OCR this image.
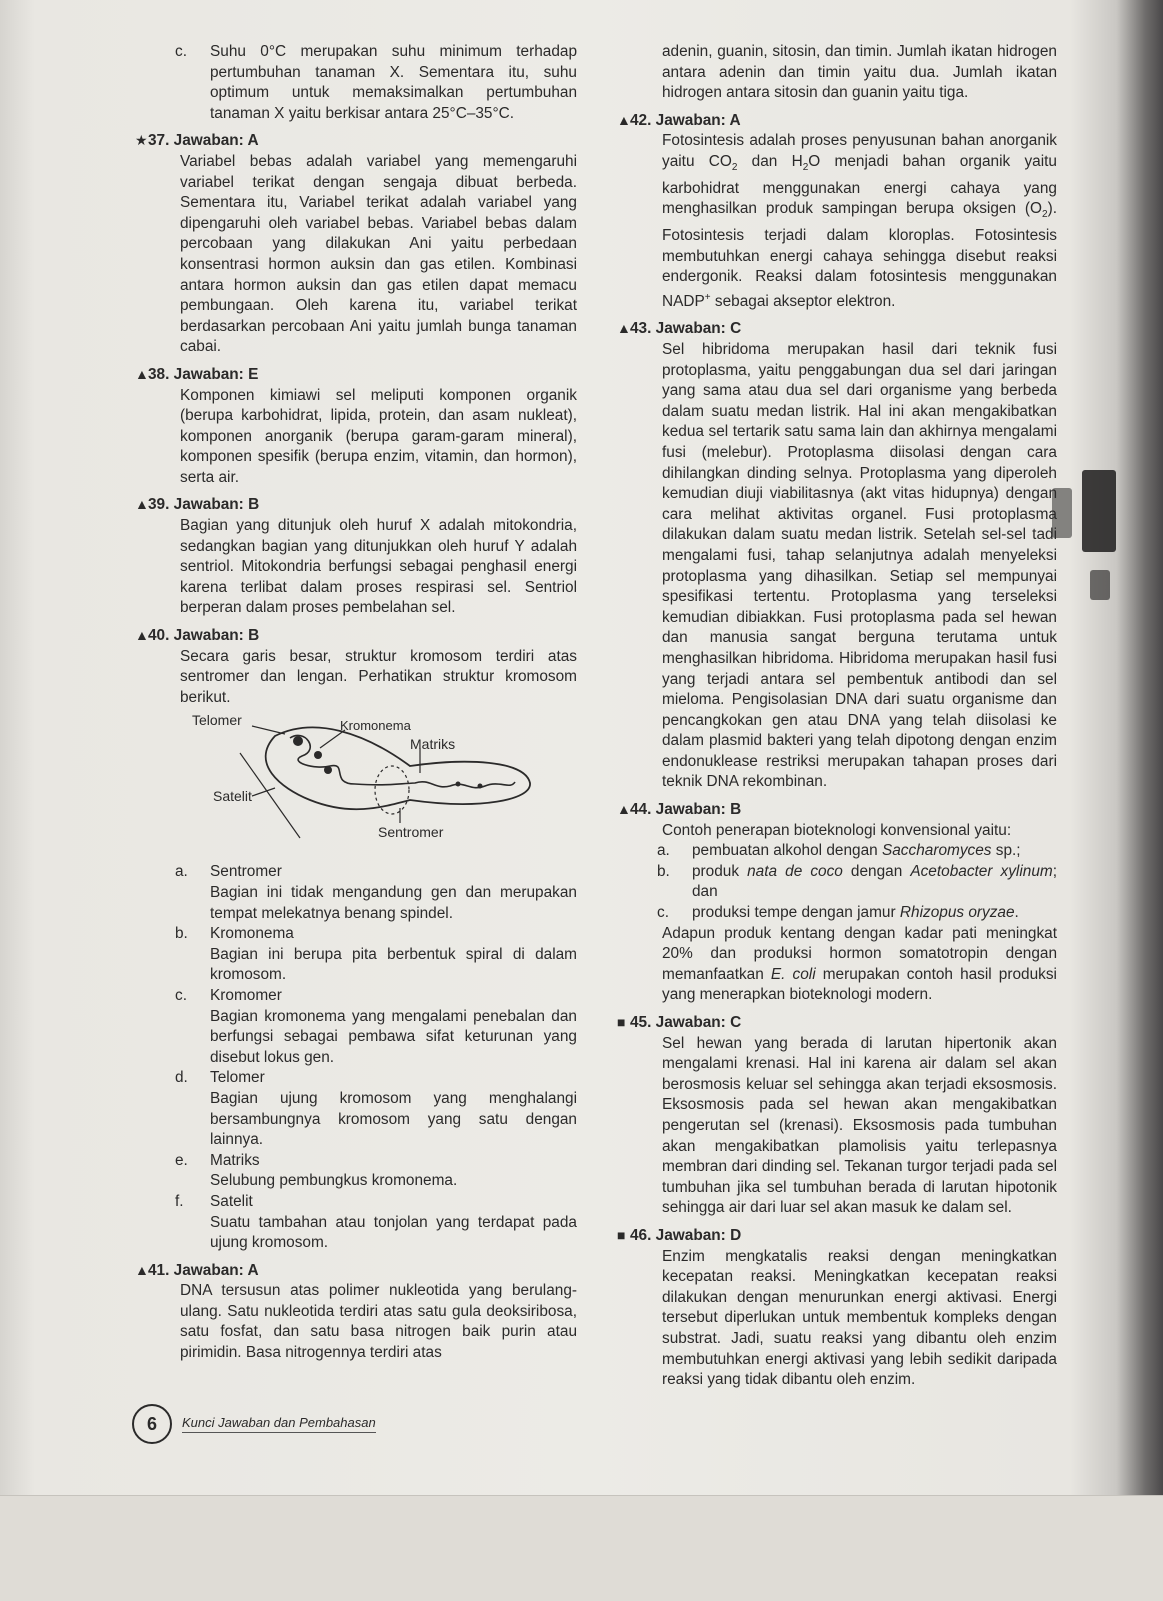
c.	Suhu 0°C merupakan suhu minimum terhadap pertumbuhan tanaman X. Sementara itu, suhu optimum untuk memaksimalkan pertumbuhan tanaman X yaitu berkisar antara 25°C–35°C.
★ 37. Jawaban: A

Variabel bebas adalah variabel yang memengaruhi variabel terikat dengan sengaja dibuat berbeda. Sementara itu, Variabel terikat adalah variabel yang dipengaruhi oleh variabel bebas. Variabel bebas dalam percobaan yang dilakukan Ani yaitu perbedaan konsentrasi hormon auksin dan gas etilen. Kombinasi antara hormon auksin dan gas etilen dapat memacu pembungaan. Oleh karena itu, variabel terikat berdasarkan percobaan Ani yaitu jumlah bunga tanaman cabai.

▲ 38. Jawaban: E

Komponen kimiawi sel meliputi komponen organik (berupa karbohidrat, lipida, protein, dan asam nukleat), komponen anorganik (berupa garam-garam mineral), komponen spesifik (berupa enzim, vitamin, dan hormon), serta air.

▲ 39. Jawaban: B

Bagian yang ditunjuk oleh huruf X adalah mitokondria, sedangkan bagian yang ditunjukkan oleh huruf Y adalah sentriol. Mitokondria berfungsi sebagai penghasil energi karena terlibat dalam proses respirasi sel. Sentriol berperan dalam proses pembelahan sel.

▲ 40. Jawaban: B

Secara garis besar, struktur kromosom terdiri atas sentromer dan lengan. Perhatikan struktur kromosom berikut.

Telomer	Kromonema
Matriks
Satelit
Sentromer
a.	Sentromer
Bagian ini tidak mengandung gen dan merupakan tempat melekatnya benang spindel.
b.	Kromonema
Bagian ini berupa pita berbentuk spiral di dalam kromosom.
c.	Kromomer
Bagian kromonema yang mengalami penebalan dan berfungsi sebagai pembawa sifat keturunan yang disebut lokus gen.
d.	Telomer
Bagian ujung kromosom yang menghalangi bersambungnya kromosom yang satu dengan lainnya.
e.	Matriks
Selubung pembungkus kromonema.
f.	Satelit
Suatu tambahan atau tonjolan yang terdapat pada ujung kromosom.
▲ 41. Jawaban: A

DNA tersusun atas polimer nukleotida yang berulang-ulang. Satu nukleotida terdiri atas satu gula deoksiribosa, satu fosfat, dan satu basa nitrogen baik purin atau pirimidin. Basa nitrogennya terdiri atas

adenin, guanin, sitosin, dan timin. Jumlah ikatan hidrogen antara adenin dan timin yaitu dua. Jumlah ikatan hidrogen antara sitosin dan guanin yaitu tiga.

▲ 42. Jawaban: A

Fotosintesis adalah proses penyusunan bahan anorganik yaitu $CO_2$ dan $H_2O$ menjadi bahan organik yaitu karbohidrat menggunakan energi cahaya yang menghasilkan produk sampingan berupa oksigen $(O_2)$. Fotosintesis terjadi dalam kloroplas. Fotosintesis membutuhkan energi cahaya sehingga disebut reaksi endergonik. Reaksi dalam fotosintesis menggunakan NADP+ sebagai akseptor elektron.

▲ 43. Jawaban: C

Sel hibridoma merupakan hasil dari teknik fusi protoplasma, yaitu penggabungan dua sel dari jaringan yang sama atau dua sel dari organisme yang berbeda dalam suatu medan listrik. Hal ini akan mengakibatkan kedua sel tertarik satu sama lain dan akhirnya mengalami fusi (melebur). Protoplasma diisolasi dengan cara dihilangkan dinding selnya. Protoplasma yang diperoleh kemudian diuji viabilitasnya (akt vitas hidupnya) dengan cara melihat aktivitas organel. Fusi protoplasma dilakukan dalam suatu medan listrik. Setelah sel-sel tadi mengalami fusi, tahap selanjutnya adalah menyeleksi protoplasma yang dihasilkan. Setiap sel mempunyai spesifikasi tertentu. Protoplasma yang terseleksi kemudian dibiakkan. Fusi protoplasma pada sel hewan dan manusia sangat berguna terutama untuk menghasilkan hibridoma. Hibridoma merupakan hasil fusi yang terjadi antara sel pembentuk antibodi dan sel mieloma. Pengisolasian DNA dari suatu organisme dan pencangkokan gen atau DNA yang telah diisolasi ke dalam plasmid bakteri yang telah dipotong dengan enzim endonuklease restriksi merupakan tahapan proses dari teknik DNA rekombinan.

▲ 44. Jawaban: B

Contoh penerapan bioteknologi konvensional yaitu:

a.	pembuatan alkohol dengan Saccharomyces sp.;
b.	produk nata de coco dengan Acetobacter xylinum; dan
c.	produksi tempe dengan jamur Rhizopus oryzae.

Adapun produk kentang dengan kadar pati meningkat 20% dan produksi hormon somatotropin dengan memanfaatkan E. coli merupakan contoh hasil produksi yang menerapkan bioteknologi modern.

■ 45. Jawaban: C

Sel hewan yang berada di larutan hipertonik akan mengalami krenasi. Hal ini karena air dalam sel akan berosmosis keluar sel sehingga akan terjadi eksosmosis. Eksosmosis pada sel hewan akan mengakibatkan pengerutan sel (krenasi). Eksosmosis pada tumbuhan akan mengakibatkan plamolisis yaitu terlepasnya membran dari dinding sel. Tekanan turgor terjadi pada sel tumbuhan jika sel tumbuhan berada di larutan hipotonik sehingga air dari luar sel akan masuk ke dalam sel.

■ 46. Jawaban: D

Enzim mengkatalis reaksi dengan meningkatkan kecepatan reaksi. Meningkatkan kecepatan reaksi dilakukan dengan menurunkan energi aktivasi. Energi tersebut diperlukan untuk membentuk kompleks dengan substrat. Jadi, suatu reaksi yang dibantu oleh enzim membutuhkan energi aktivasi yang lebih sedikit daripada reaksi yang tidak dibantu oleh enzim.

6	Kunci Jawaban dan Pembahasan
